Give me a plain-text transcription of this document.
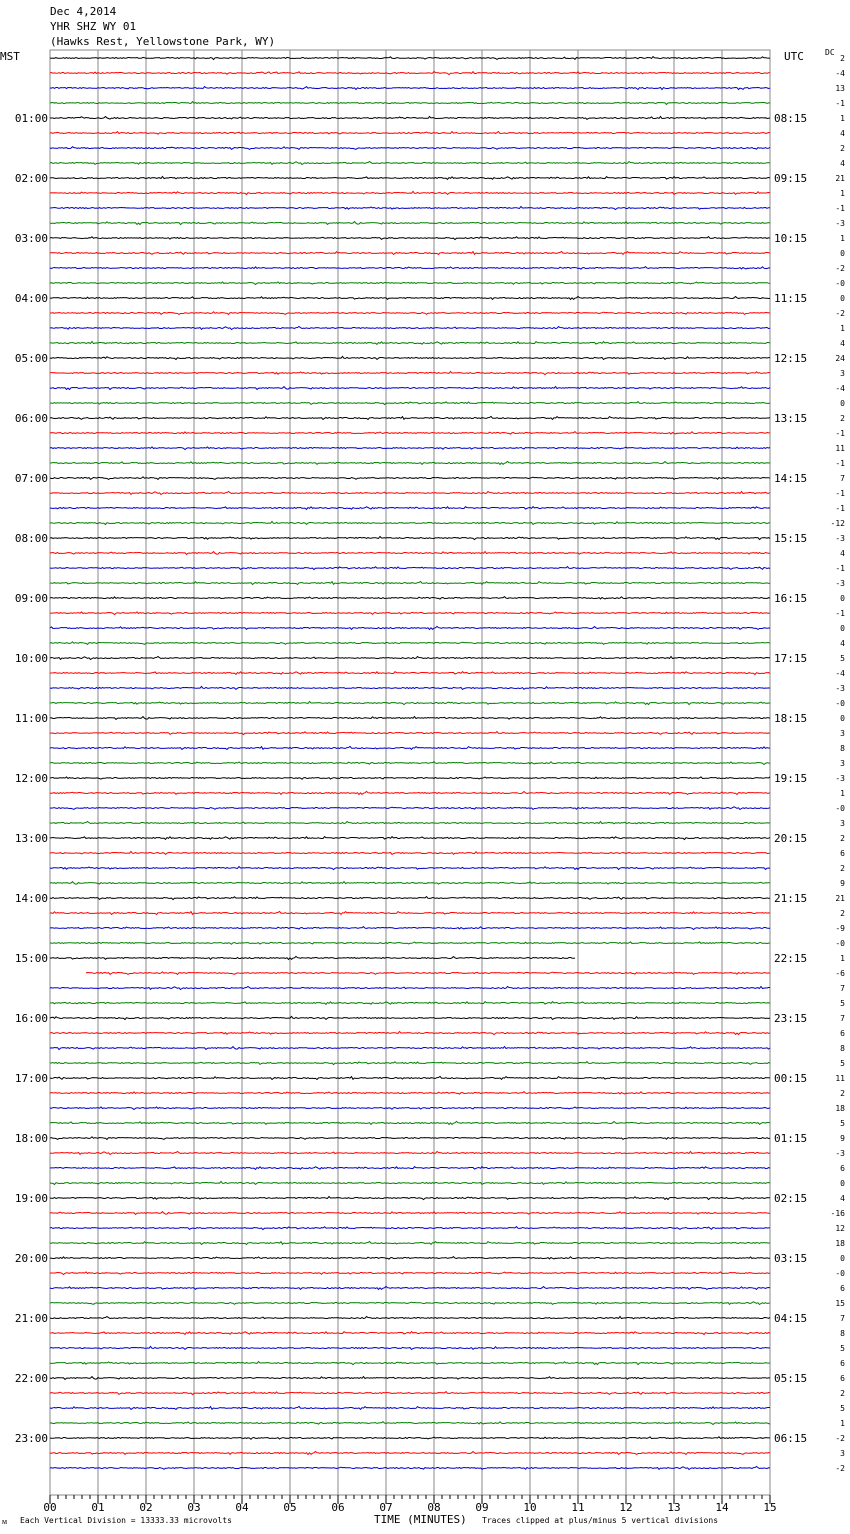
Dec 4,2014
YHR SHZ WY 01
(Hawks Rest, Yellowstone Park, WY)
00	01	02	03	04	05	06	07	08	09	10	11	12	13	14	15
2
-4
13
-1
1
4
2
4
21
1
-1
-3
1
0
-2
-0
0
-2
1
4
24
3
-4
0
2
-1
11
-1
7
-1
-1
-12
-3
4
-1
-3
0
-1
0
4
5
-4
-3
-0
0
3
8
3
-3
1
-0
3
2
6
2
9
21
2
-9
-0
1
-6
7
5
7
6
8
5
11
2
18
5
9
-3
6
0
4
-16
12
18
0
-0
6
15
7
8
5
6
6
2
5
1
-2
3
-2
01:00
02:00
03:00
04:00
05:00
06:00
07:00
08:00
09:00
10:00
11:00
12:00
13:00
14:00
15:00
16:00
17:00
18:00
19:00
20:00
21:00
22:00
23:00
08:15
09:15
10:15
11:15
12:15
13:15
14:15
15:15
16:15
17:15
18:15
19:15
20:15
21:15
22:15
23:15
00:15
01:15
02:15
03:15
04:15
05:15
06:15
MST	UTC	DC
TIME (MINUTES)
ᴍ Each Vertical Division = 13333.33 microvolts	Traces clipped at plus/minus 5 vertical divisions
